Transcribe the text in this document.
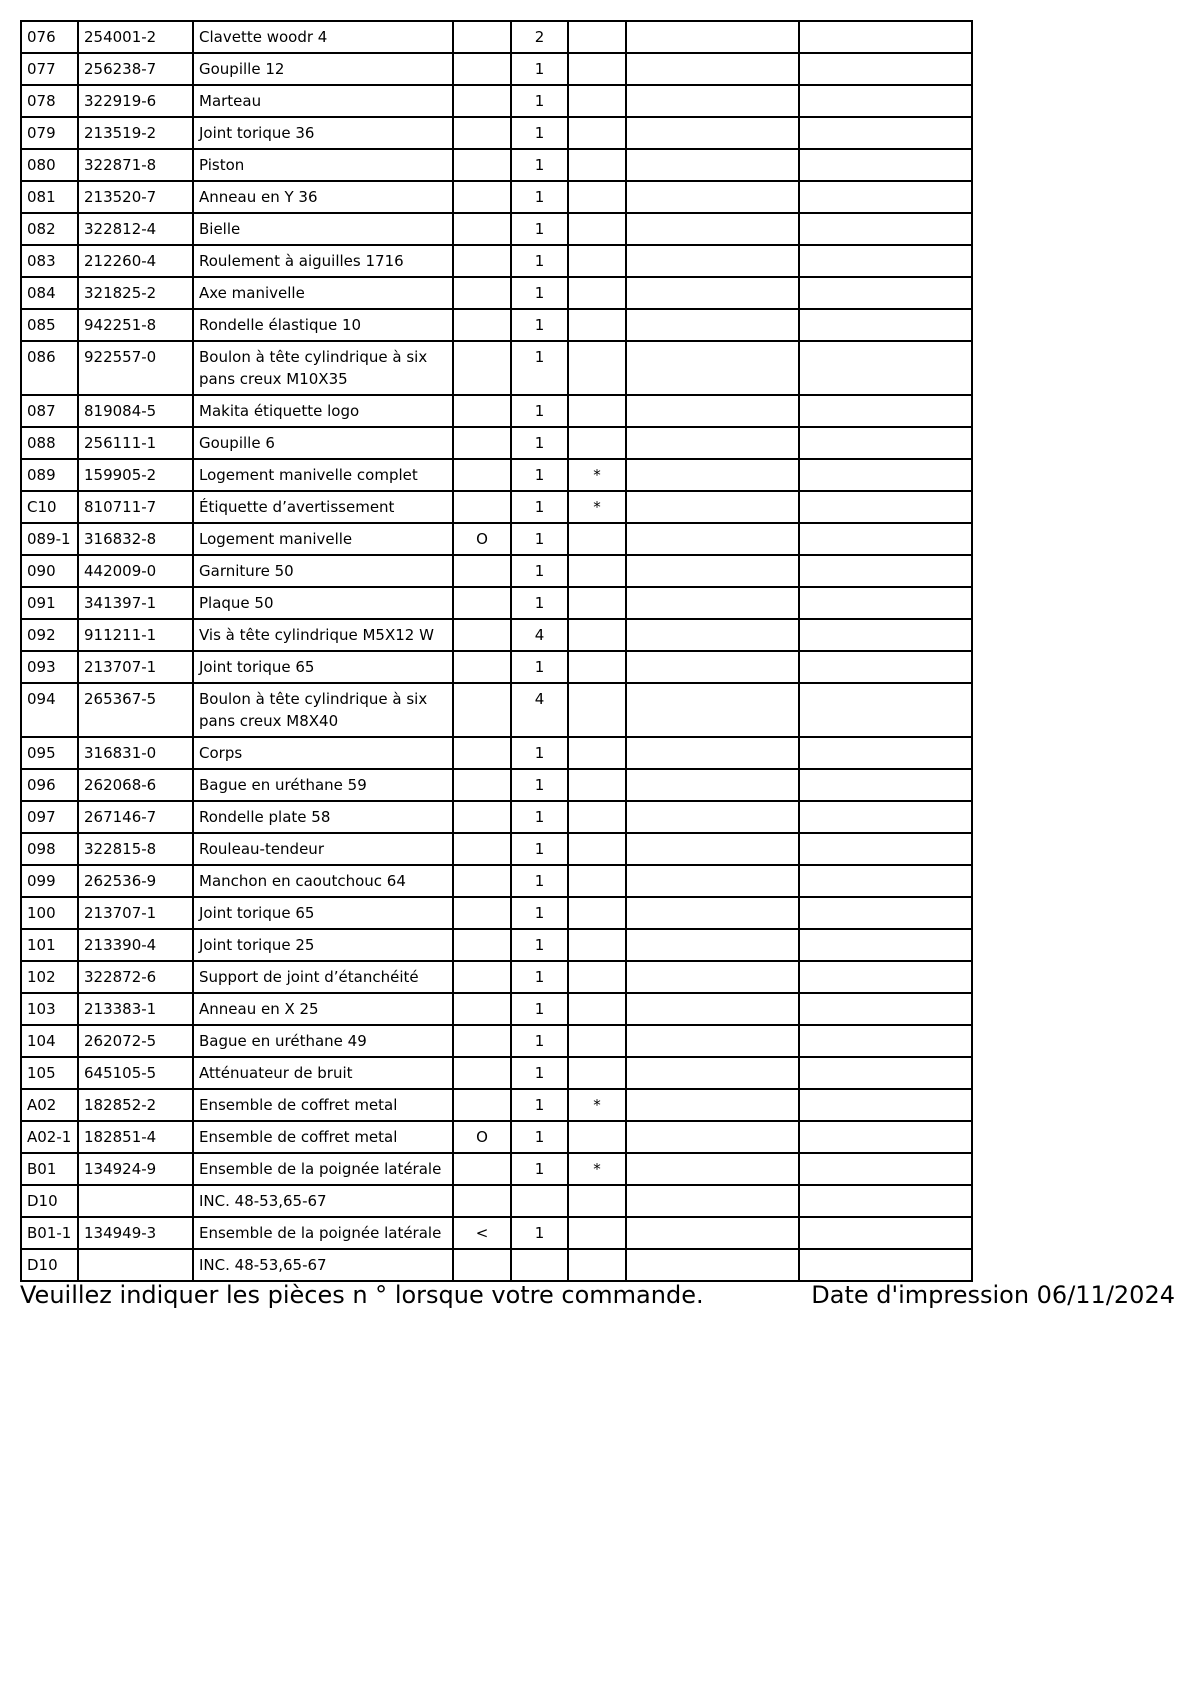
076	254001-2	Clavette woodr 4		2			
077	256238-7	Goupille 12		1			
078	322919-6	Marteau		1			
079	213519-2	Joint torique 36		1			
080	322871-8	Piston		1			
081	213520-7	Anneau en Y 36		1			
082	322812-4	Bielle		1			
083	212260-4	Roulement à aiguilles 1716		1			
084	321825-2	Axe manivelle		1			
085	942251-8	Rondelle élastique 10		1			
086	922557-0	Boulon à tête cylindrique à six pans creux M10X35		1			
087	819084-5	Makita étiquette logo		1			
088	256111-1	Goupille 6		1			
089	159905-2	Logement manivelle complet		1	*		
C10	810711-7	Étiquette d’avertissement		1	*		
089-1	316832-8	Logement manivelle	O	1			
090	442009-0	Garniture 50		1			
091	341397-1	Plaque 50		1			
092	911211-1	Vis à tête cylindrique M5X12 W		4			
093	213707-1	Joint torique 65		1			
094	265367-5	Boulon à tête cylindrique à six pans creux M8X40		4			
095	316831-0	Corps		1			
096	262068-6	Bague en uréthane 59		1			
097	267146-7	Rondelle plate 58		1			
098	322815-8	Rouleau-tendeur		1			
099	262536-9	Manchon en caoutchouc 64		1			
100	213707-1	Joint torique 65		1			
101	213390-4	Joint torique 25		1			
102	322872-6	Support de joint d’étanchéité		1			
103	213383-1	Anneau en X 25		1			
104	262072-5	Bague en uréthane 49		1			
105	645105-5	Atténuateur de bruit		1			
A02	182852-2	Ensemble de coffret metal		1	*		
A02-1	182851-4	Ensemble de coffret metal	O	1			
B01	134924-9	Ensemble de la poignée latérale		1	*		
D10		INC. 48-53,65-67					
B01-1	134949-3	Ensemble de la poignée latérale	<	1			
D10		INC. 48-53,65-67					
Veuillez indiquer les pièces n ° lorsque votre commande.	Date d'impression 06/11/2024
